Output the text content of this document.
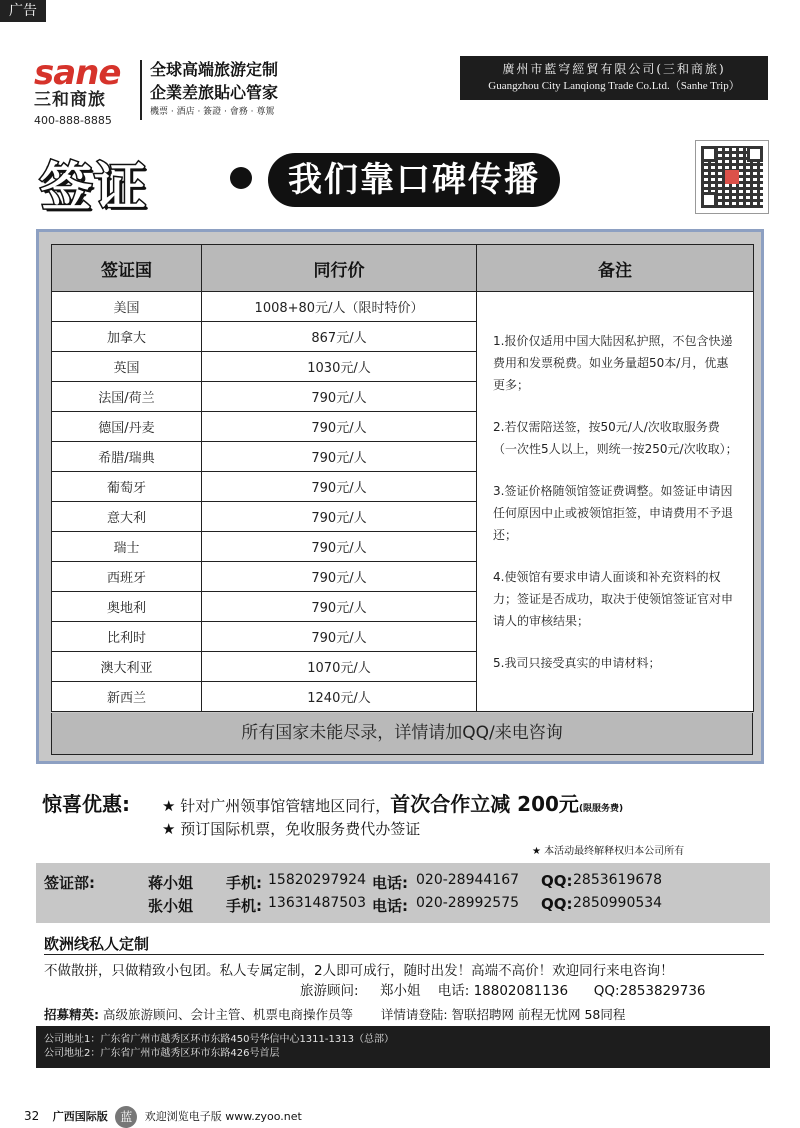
广告
sane
三和商旅
400-888-8885
全球高端旅游定制
企業差旅貼心管家
機票 · 酒店 · 簽證 · 會務 · 尊駕
廣州市藍穹經貿有限公司(三和商旅)
Guangzhou City Lanqiong Trade Co.Ltd.（Sanhe Trip）
签证	我们靠口碑传播
签证国	同行价	备注
美国	1008+80元/人（限时特价）	1.报价仅适用中国大陆因私护照，不包含快递费用和发票税费。如业务量超50本/月，优惠更多；

2.若仅需陪送签，按50元/人/次收取服务费（一次性5人以上，则统一按250元/次收取）；

3.签证价格随领馆签证费调整。如签证申请因任何原因中止或被领馆拒签，申请费用不予退还；

4.使领馆有要求申请人面谈和补充资料的权力；签证是否成功，取决于使领馆签证官对申请人的审核结果；

5.我司只接受真实的申请材料；

加拿大	867元/人	
英国	1030元/人	
法国/荷兰	790元/人	
德国/丹麦	790元/人	
希腊/瑞典	790元/人	
葡萄牙	790元/人	
意大利	790元/人	
瑞士	790元/人	
西班牙	790元/人	
奥地利	790元/人	
比利时	790元/人	
澳大利亚	1070元/人	
新西兰	1240元/人	
所有国家未能尽录，详情请加QQ/来电咨询
惊喜优惠: ★ 针对广州领事馆管辖地区同行，首次合作立减 200元(限服务费)
★ 预订国际机票，免收服务费代办签证
★ 本活动最终解释权归本公司所有
签证部:	蒋小姐 手机: 15820297924 电话: 020-28944167 QQ: 2853619678
张小姐 手机: 13631487503 电话: 020-28992575 QQ: 2850990534
欧洲线私人定制
不做散拼，只做精致小包团。私人专属定制，2人即可成行，随时出发！高端不高价！欢迎同行来电咨询！
旅游顾问: 郑小姐 电话: 18802081136 QQ:2853829736
招募精英: 高级旅游顾问、会计主管、机票电商操作员等 详情请登陆: 智联招聘网 前程无忧网 58同程
公司地址1：广东省广州市越秀区环市东路450号华信中心1311-1313（总部）
公司地址2：广东省广州市越秀区环市东路426号首层
32 广西国际版 蓝 欢迎浏览电子版 www.zyoo.net
